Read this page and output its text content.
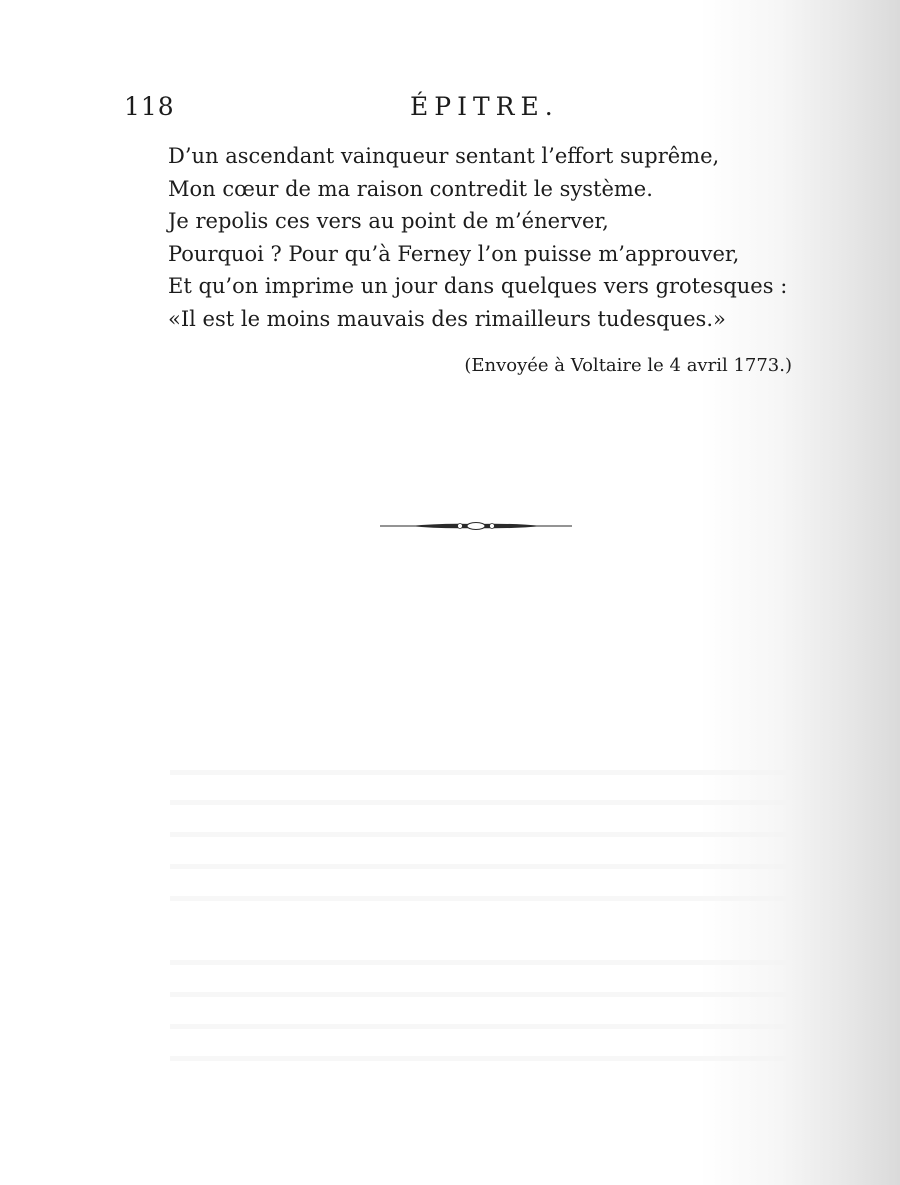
118	ÉPITRE.
D’un ascendant vainqueur sentant l’effort suprême,
Mon cœur de ma raison contredit le système.
Je repolis ces vers au point de m’énerver,
Pourquoi ? Pour qu’à Ferney l’on puisse m’approuver,
Et qu’on imprime un jour dans quelques vers grotesques :
«Il est le moins mauvais des rimailleurs tudesques.»
(Envoyée à Voltaire le 4 avril 1773.)
